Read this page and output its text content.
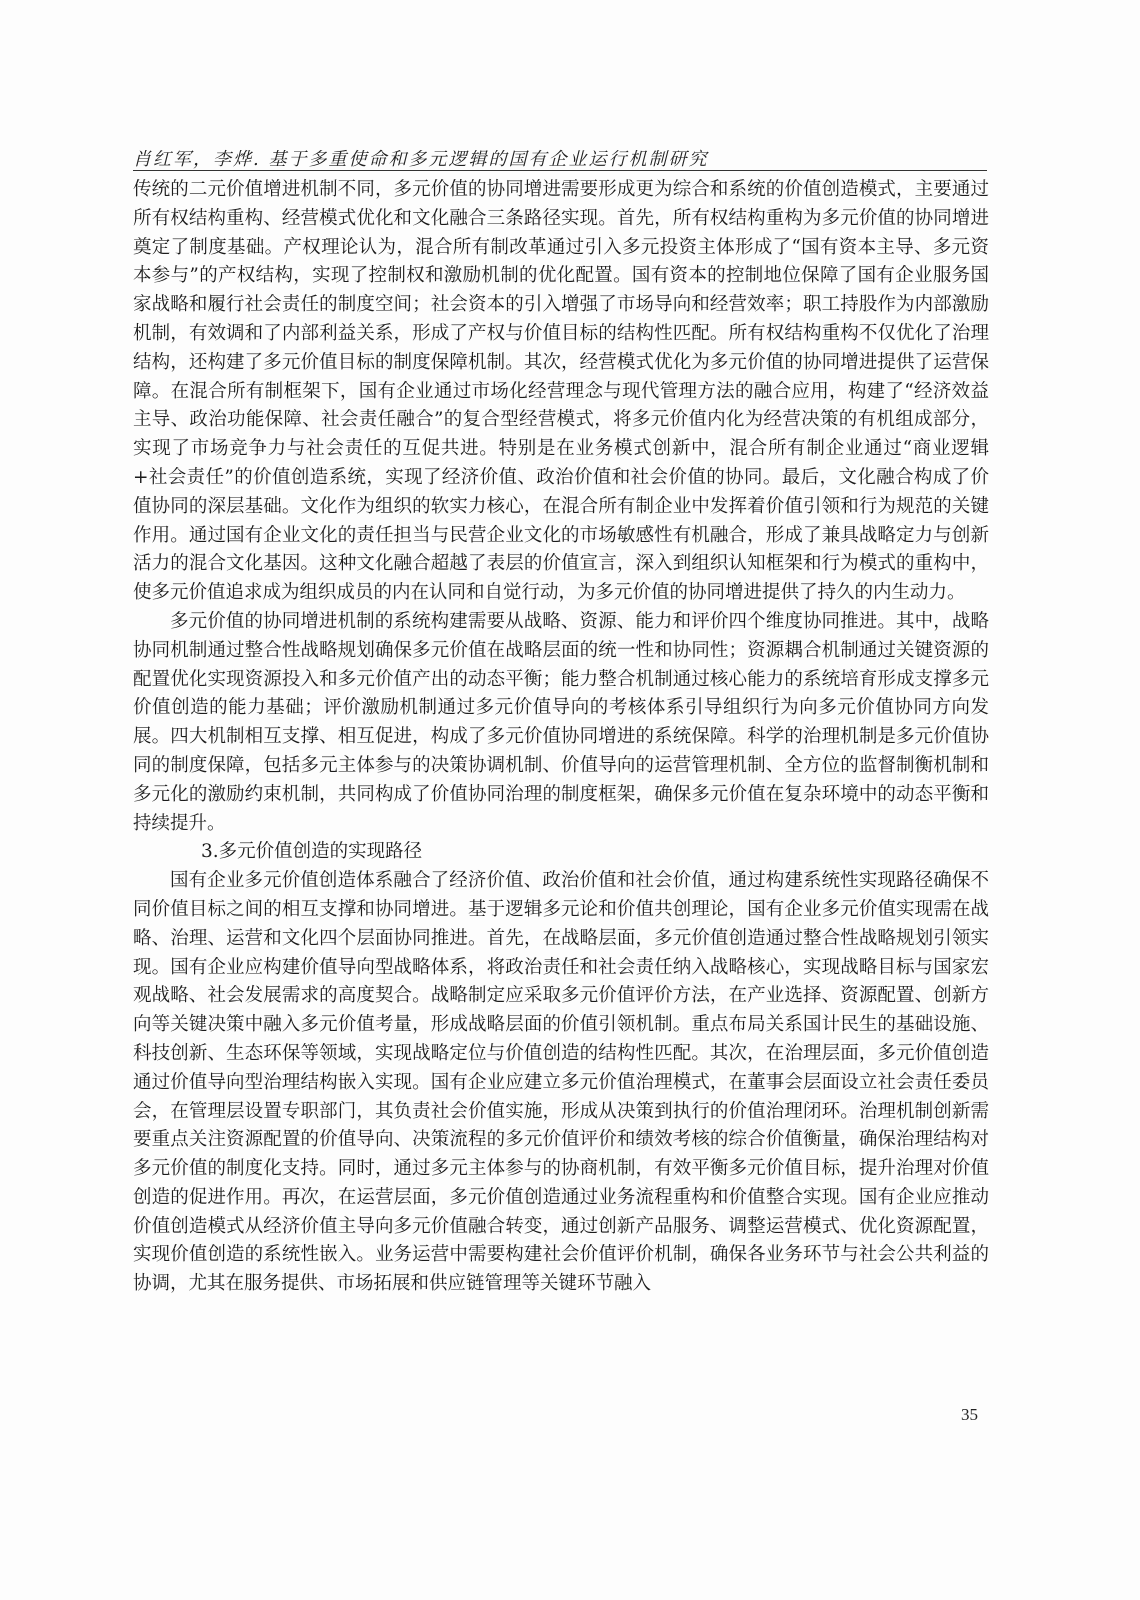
肖红军，李烨. 基于多重使命和多元逻辑的国有企业运行机制研究

传统的二元价值增进机制不同，多元价值的协同增进需要形成更为综合和系统的价值创造模式，主要通过所有权结构重构、经营模式优化和文化融合三条路径实现。首先，所有权结构重构为多元价值的协同增进奠定了制度基础。产权理论认为，混合所有制改革通过引入多元投资主体形成了“国有资本主导、多元资本参与”的产权结构，实现了控制权和激励机制的优化配置。国有资本的控制地位保障了国有企业服务国家战略和履行社会责任的制度空间；社会资本的引入增强了市场导向和经营效率；职工持股作为内部激励机制，有效调和了内部利益关系，形成了产权与价值目标的结构性匹配。所有权结构重构不仅优化了治理结构，还构建了多元价值目标的制度保障机制。其次，经营模式优化为多元价值的协同增进提供了运营保障。在混合所有制框架下，国有企业通过市场化经营理念与现代管理方法的融合应用，构建了“经济效益主导、政治功能保障、社会责任融合”的复合型经营模式，将多元价值内化为经营决策的有机组成部分，实现了市场竞争力与社会责任的互促共进。特别是在业务模式创新中，混合所有制企业通过“商业逻辑+社会责任”的价值创造系统，实现了经济价值、政治价值和社会价值的协同。最后，文化融合构成了价值协同的深层基础。文化作为组织的软实力核心，在混合所有制企业中发挥着价值引领和行为规范的关键作用。通过国有企业文化的责任担当与民营企业文化的市场敏感性有机融合，形成了兼具战略定力与创新活力的混合文化基因。这种文化融合超越了表层的价值宣言，深入到组织认知框架和行为模式的重构中，使多元价值追求成为组织成员的内在认同和自觉行动，为多元价值的协同增进提供了持久的内生动力。

多元价值的协同增进机制的系统构建需要从战略、资源、能力和评价四个维度协同推进。其中，战略协同机制通过整合性战略规划确保多元价值在战略层面的统一性和协同性；资源耦合机制通过关键资源的配置优化实现资源投入和多元价值产出的动态平衡；能力整合机制通过核心能力的系统培育形成支撑多元价值创造的能力基础；评价激励机制通过多元价值导向的考核体系引导组织行为向多元价值协同方向发展。四大机制相互支撑、相互促进，构成了多元价值协同增进的系统保障。科学的治理机制是多元价值协同的制度保障，包括多元主体参与的决策协调机制、价值导向的运营管理机制、全方位的监督制衡机制和多元化的激励约束机制，共同构成了价值协同治理的制度框架，确保多元价值在复杂环境中的动态平衡和持续提升。

3.多元价值创造的实现路径

国有企业多元价值创造体系融合了经济价值、政治价值和社会价值，通过构建系统性实现路径确保不同价值目标之间的相互支撑和协同增进。基于逻辑多元论和价值共创理论，国有企业多元价值实现需在战略、治理、运营和文化四个层面协同推进。首先，在战略层面，多元价值创造通过整合性战略规划引领实现。国有企业应构建价值导向型战略体系，将政治责任和社会责任纳入战略核心，实现战略目标与国家宏观战略、社会发展需求的高度契合。战略制定应采取多元价值评价方法，在产业选择、资源配置、创新方向等关键决策中融入多元价值考量，形成战略层面的价值引领机制。重点布局关系国计民生的基础设施、科技创新、生态环保等领域，实现战略定位与价值创造的结构性匹配。其次，在治理层面，多元价值创造通过价值导向型治理结构嵌入实现。国有企业应建立多元价值治理模式，在董事会层面设立社会责任委员会，在管理层设置专职部门，其负责社会价值实施，形成从决策到执行的价值治理闭环。治理机制创新需要重点关注资源配置的价值导向、决策流程的多元价值评价和绩效考核的综合价值衡量，确保治理结构对多元价值的制度化支持。同时，通过多元主体参与的协商机制，有效平衡多元价值目标，提升治理对价值创造的促进作用。再次，在运营层面，多元价值创造通过业务流程重构和价值整合实现。国有企业应推动价值创造模式从经济价值主导向多元价值融合转变，通过创新产品服务、调整运营模式、优化资源配置，实现价值创造的系统性嵌入。业务运营中需要构建社会价值评价机制，确保各业务环节与社会公共利益的协调，尤其在服务提供、市场拓展和供应链管理等关键环节融入

35
